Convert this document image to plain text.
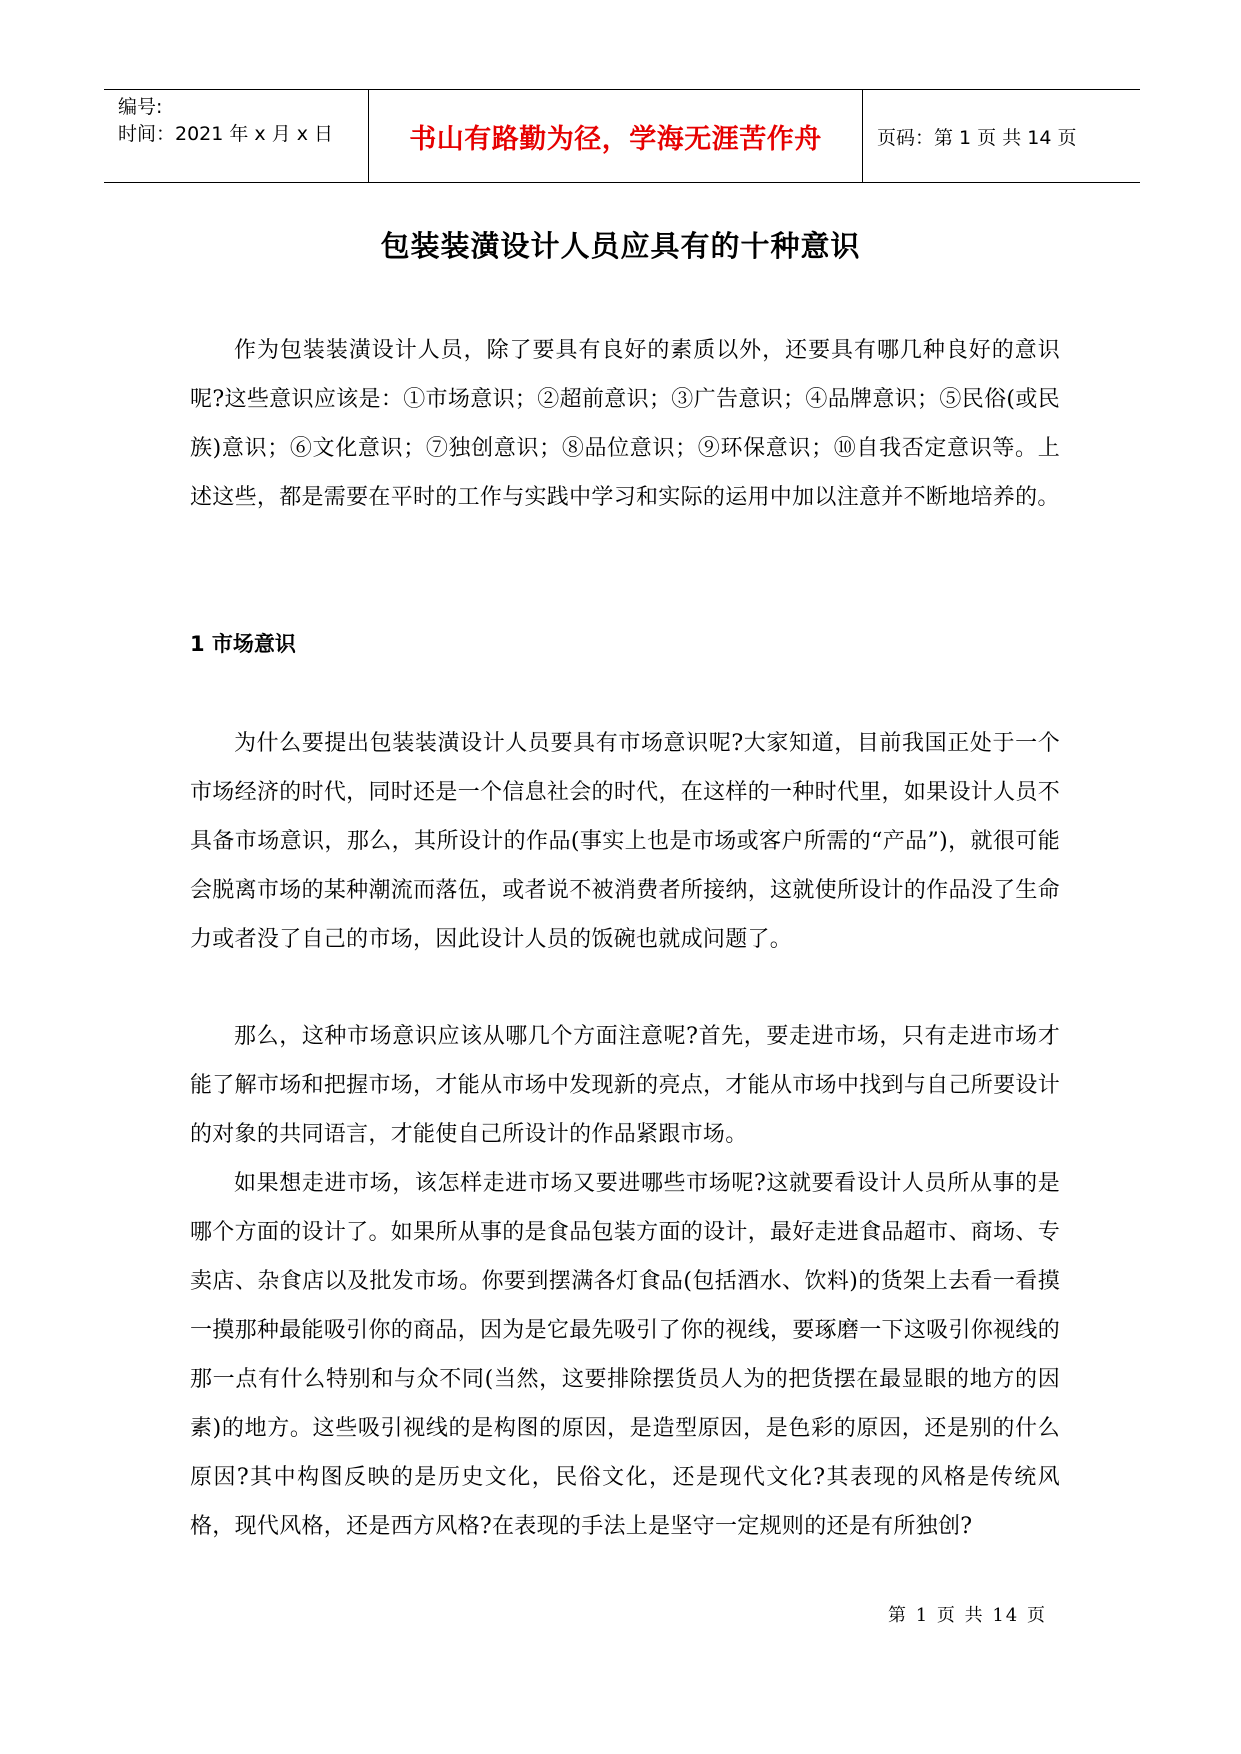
编号:
时间：2021 年 x 月 x 日	书山有路勤为径，学海无涯苦作舟	页码：第 1 页 共 14 页
包装装潢设计人员应具有的十种意识

作为包装装潢设计人员，除了要具有良好的素质以外，还要具有哪几种良好的意识呢?这些意识应该是：①市场意识；②超前意识；③广告意识；④品牌意识；⑤民俗(或民族)意识；⑥文化意识；⑦独创意识；⑧品位意识；⑨环保意识；⑩自我否定意识等。上述这些，都是需要在平时的工作与实践中学习和实际的运用中加以注意并不断地培养的。

1 市场意识

为什么要提出包装装潢设计人员要具有市场意识呢?大家知道，目前我国正处于一个市场经济的时代，同时还是一个信息社会的时代，在这样的一种时代里，如果设计人员不具备市场意识，那么，其所设计的作品(事实上也是市场或客户所需的“产品”)，就很可能会脱离市场的某种潮流而落伍，或者说不被消费者所接纳，这就使所设计的作品没了生命力或者没了自己的市场，因此设计人员的饭碗也就成问题了。

那么，这种市场意识应该从哪几个方面注意呢?首先，要走进市场，只有走进市场才能了解市场和把握市场，才能从市场中发现新的亮点，才能从市场中找到与自己所要设计的对象的共同语言，才能使自己所设计的作品紧跟市场。

如果想走进市场，该怎样走进市场又要进哪些市场呢?这就要看设计人员所从事的是哪个方面的设计了。如果所从事的是食品包装方面的设计，最好走进食品超市、商场、专卖店、杂食店以及批发市场。你要到摆满各灯食品(包括酒水、饮料)的货架上去看一看摸一摸那种最能吸引你的商品，因为是它最先吸引了你的视线，要琢磨一下这吸引你视线的那一点有什么特别和与众不同(当然，这要排除摆货员人为的把货摆在最显眼的地方的因素)的地方。这些吸引视线的是构图的原因，是造型原因，是色彩的原因，还是别的什么原因?其中构图反映的是历史文化，民俗文化，还是现代文化?其表现的风格是传统风格，现代风格，还是西方风格?在表现的手法上是坚守一定规则的还是有所独创?

第 1 页 共 14 页
